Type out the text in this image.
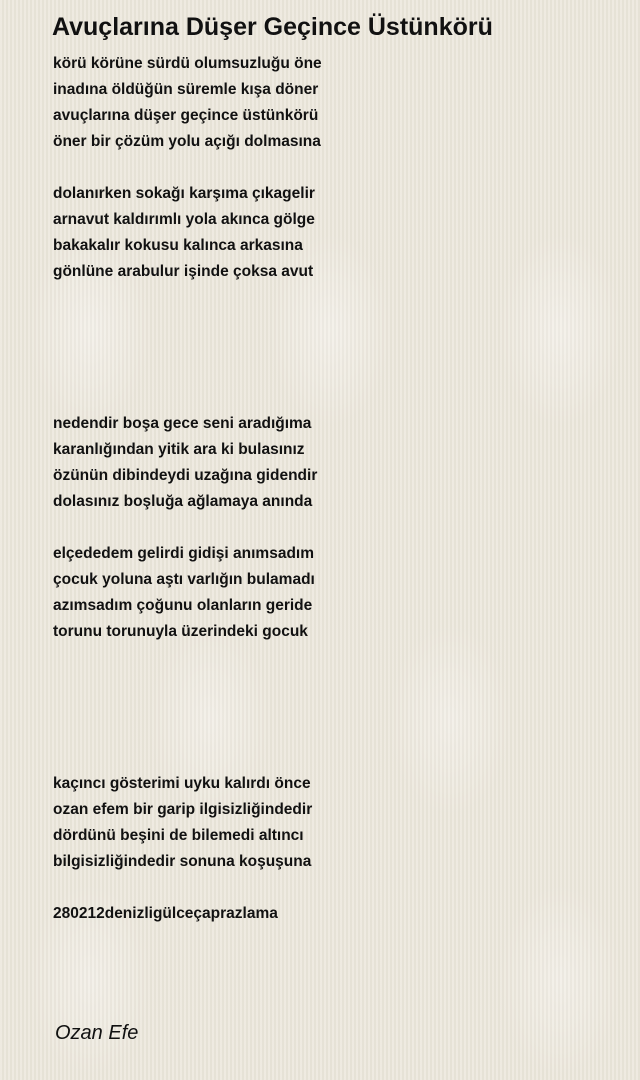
Avuçlarına Düşer Geçince Üstünkörü
körü körüne sürdü olumsuzluğu öne
inadına öldüğün süremle kışa döner
avuçlarına düşer geçince üstünkörü
öner bir çözüm yolu açığı dolmasına
dolanırken sokağı karşıma çıkagelir
arnavut kaldırımlı yola akınca gölge
bakakalır kokusu kalınca arkasına
gönlüne arabulur işinde çoksa avut
nedendir boşa gece seni aradığıma
karanlığından yitik ara ki bulasınız
özünün dibindeydi uzağına gidendir
dolasınız boşluğa ağlamaya anında
elçededem gelirdi gidişi anımsadım
çocuk yoluna aştı varlığın bulamadı
azımsadım çoğunu olanların geride
torunu torunuyla üzerindeki gocuk
kaçıncı gösterimi uyku kalırdı önce
ozan efem bir garip ilgisizliğindedir
dördünü beşini de bilemedi altıncı
bilgisizliğindedir sonuna koşuşuna
280212denizligülceçaprazlama
Ozan Efe
